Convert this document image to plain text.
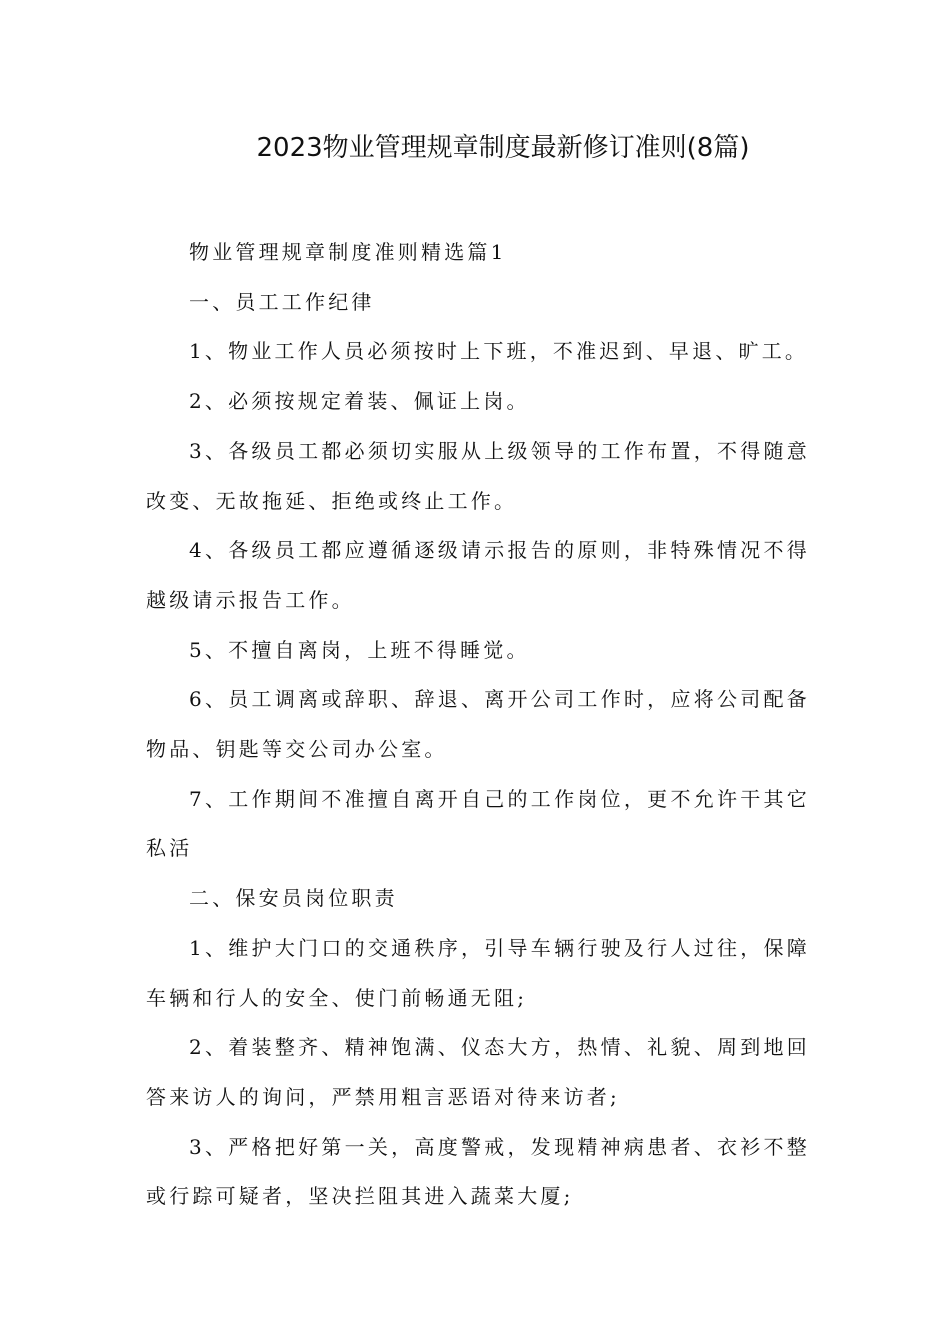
2023物业管理规章制度最新修订准则(8篇)

物业管理规章制度准则精选篇1

一、员工工作纪律

1、物业工作人员必须按时上下班，不准迟到、早退、旷工。

2、必须按规定着装、佩证上岗。

3、各级员工都必须切实服从上级领导的工作布置，不得随意改变、无故拖延、拒绝或终止工作。

4、各级员工都应遵循逐级请示报告的原则，非特殊情况不得越级请示报告工作。

5、不擅自离岗，上班不得睡觉。

6、员工调离或辞职、辞退、离开公司工作时，应将公司配备物品、钥匙等交公司办公室。

7、工作期间不准擅自离开自己的工作岗位，更不允许干其它私活

二、保安员岗位职责

1、维护大门口的交通秩序，引导车辆行驶及行人过往，保障车辆和行人的安全、使门前畅通无阻;

2、着装整齐、精神饱满、仪态大方，热情、礼貌、周到地回答来访人的询问，严禁用粗言恶语对待来访者;

3、严格把好第一关，高度警戒，发现精神病患者、衣衫不整或行踪可疑者，坚决拦阻其进入蔬菜大厦;
